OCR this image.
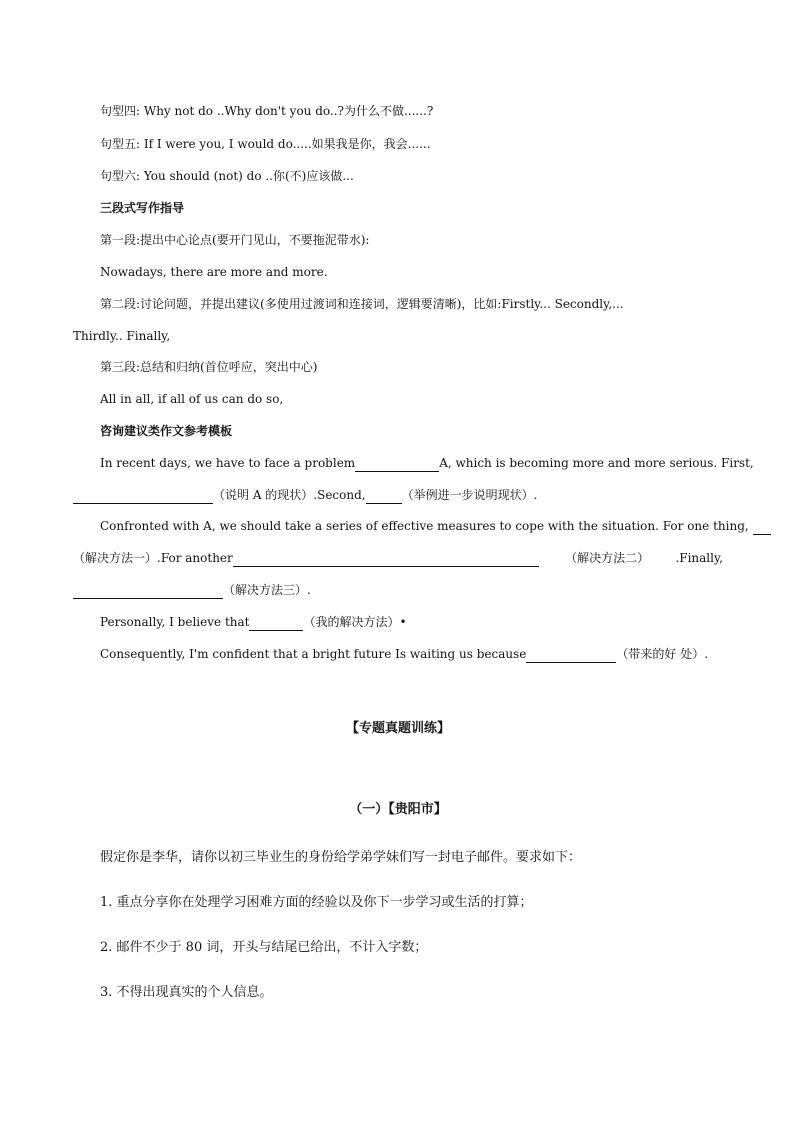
句型四: Why not do ..Why don't you do..?为什么不做......?
句型五: If I were you, I would do.....如果我是你，我会......
句型六: You should (not) do ..你(不)应该做...
三段式写作指导
第一段:提出中心论点(要开门见山，不要拖泥带水):
Nowadays, there are more and more.
第二段:讨论问题，并提出建议(多使用过渡词和连接词，逻辑要清晰)，比如:Firstly... Secondly,...
Thirdly.. Finally,
第三段:总结和归纳(首位呼应，突出中心)
All in all, if all of us can do so,
咨询建议类作文参考模板
In recent days, we have to face a problem	A, which is becoming more and more serious. First,
（说明 A 的现状）.Second,	（举例进一步说明现状）.
Confronted with A, we should take a series of effective measures to cope with the situation. For one thing,
（解决方法一）.For another	（解决方法二） .Finally,
（解决方法三）.
Personally, I believe that	（我的解决方法）•
Consequently, I'm confident that a bright future Is waiting us because	（带来的好 处）.
【专题真题训练】
（一）【贵阳市】
假定你是李华，请你以初三毕业生的身份给学弟学妹们写一封电子邮件。要求如下：
1. 重点分享你在处理学习困难方面的经验以及你下一步学习或生活的打算；
2. 邮件不少于 80 词，开头与结尾已给出，不计入字数；
3. 不得出现真实的个人信息。
